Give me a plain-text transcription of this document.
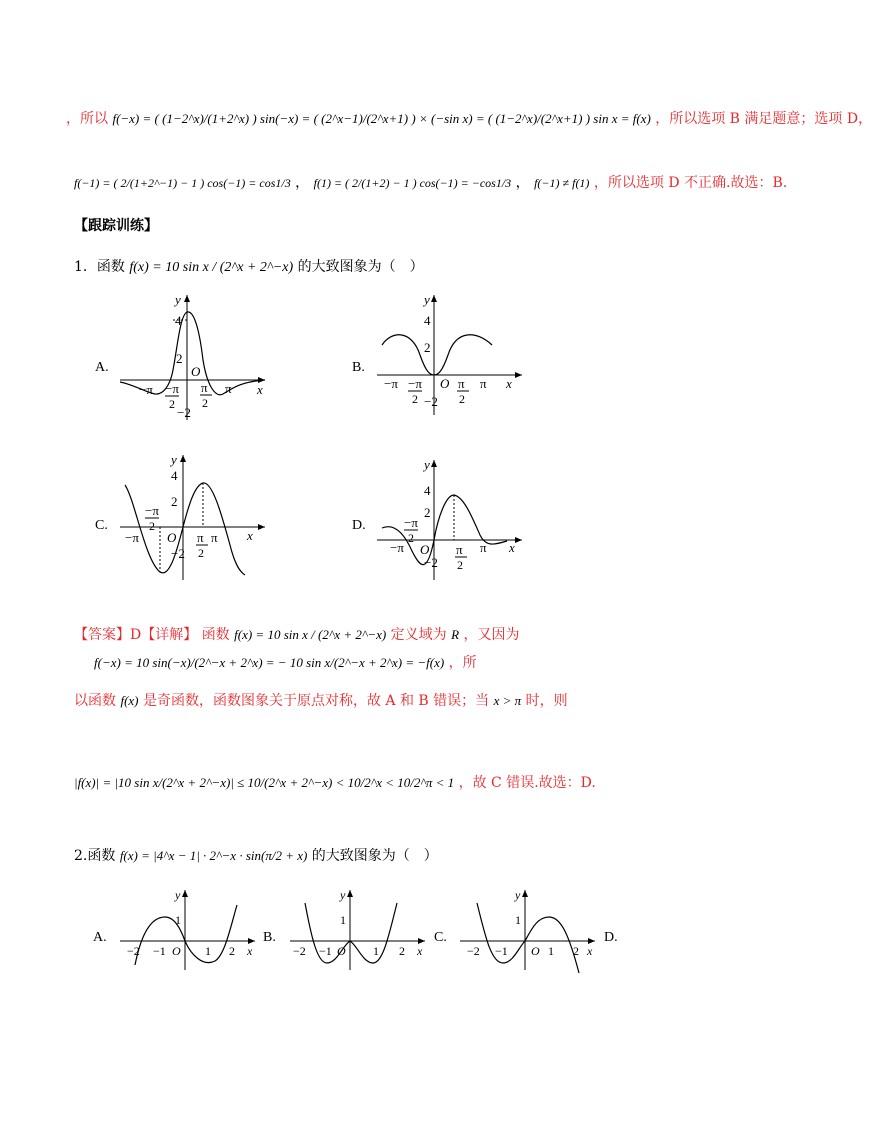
，所以 f(−x) = ( (1−2^x)/(1+2^x) ) sin(−x) = ( (2^x−1)/(2^x+1) ) × (−sin x) = ( (1−2^x)/(2^x+1) ) sin x = f(x) ，所以选项 B 满足题意；选项 D，
f(−1) = ( 2/(1+2^−1) − 1 ) cos(−1) = cos1/3 ， f(1) = ( 2/(1+2) − 1 ) cos(−1) = −cos1/3 ， f(−1) ≠ f(1) ，所以选项 D 不正确.故选：B.
【跟踪训练】
1．函数 f(x) = 10 sin x / (2^x + 2^−x) 的大致图象为（　）
A.	B.
C.	D.
y
x
O
4
2
−2
−π −π
2
π
2
π
y
x
O
4
2
−2
−π −π
2
π
2
π
y
x
O
4
2
−2
−π
−π
2
π
2
π
y
x
O
4
2
−2
−π
−π
2
π
2
π
【答案】D【详解】 函数 f(x) = 10 sin x / (2^x + 2^−x) 定义域为 R ，又因为
f(−x) = 10 sin(−x)/(2^−x + 2^x) = − 10 sin x/(2^−x + 2^x) = −f(x) ，所
以函数 f(x) 是奇函数，函数图象关于原点对称，故 A 和 B 错误；当 x > π 时，则
|f(x)| = |10 sin x/(2^x + 2^−x)| ≤ 10/(2^x + 2^−x) < 10/2^x < 10/2^π < 1 ，故 C 错误.故选：D.
2.函数 f(x) = |4^x − 1| · 2^−x · sin(π/2 + x) 的大致图象为（　）
A.	B.	C.	D.
y
x
1
O
−2 −1	1 2
y
x
1
O
−2 −1	1 2
y
x
1
O
−2 −1	1 2
